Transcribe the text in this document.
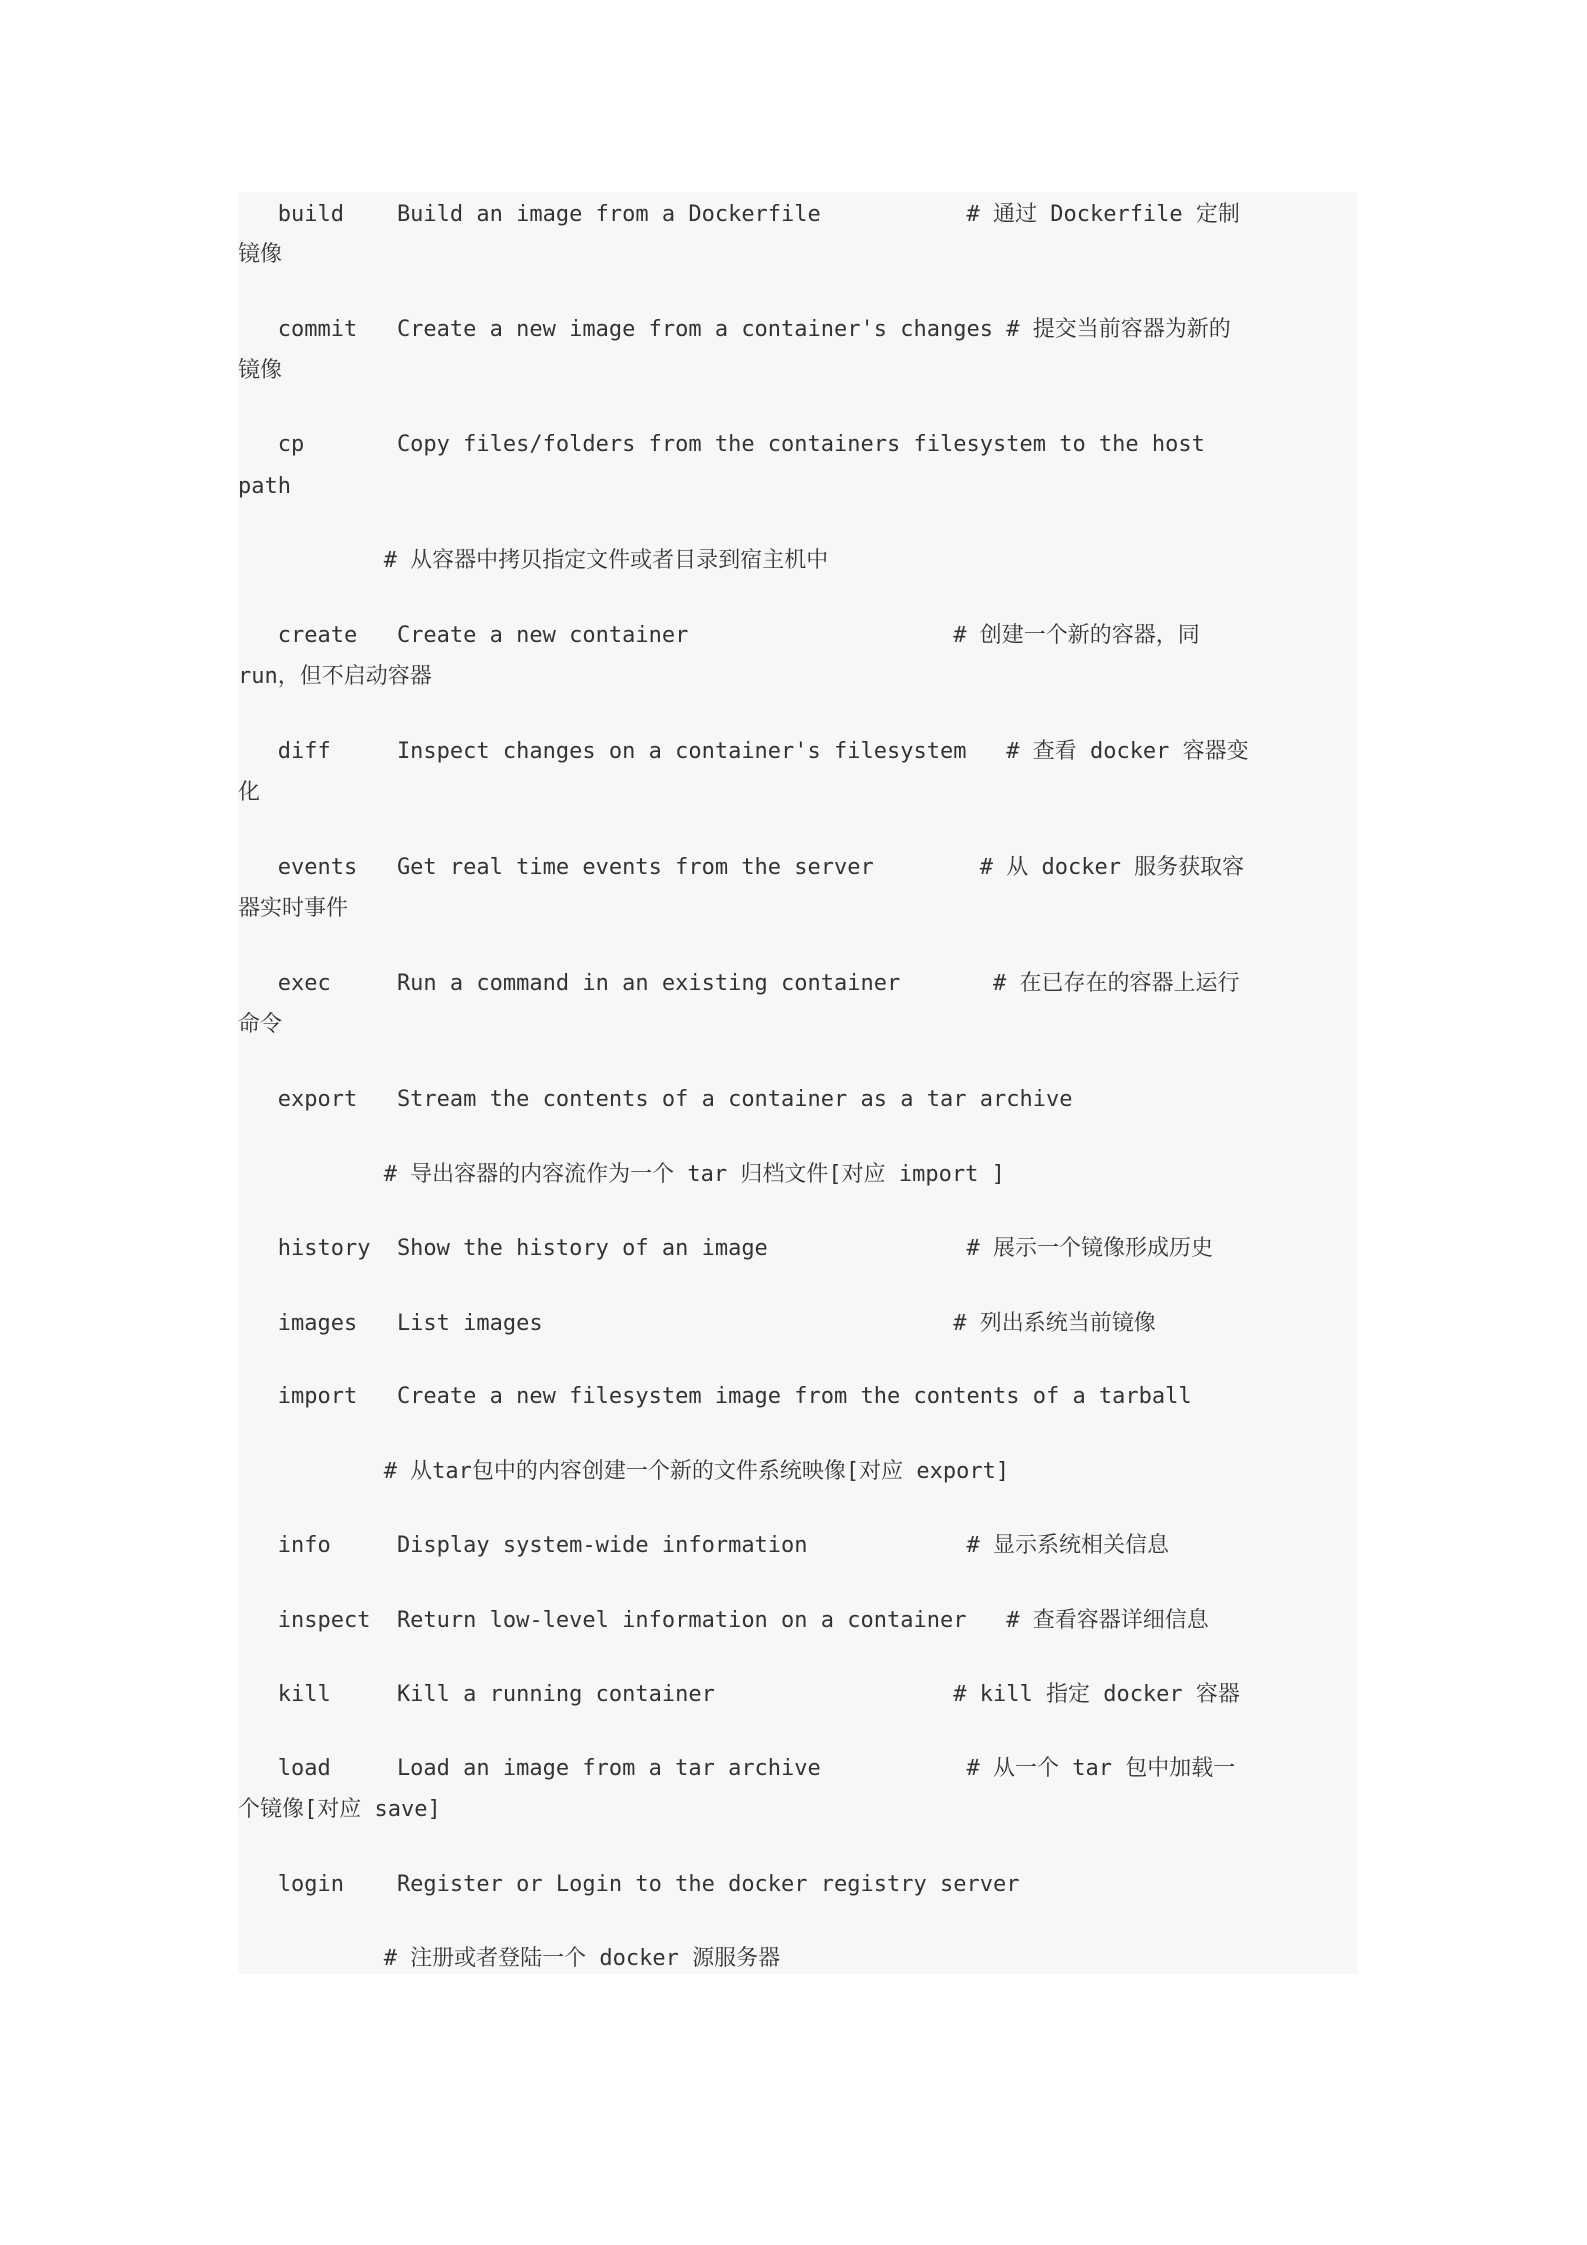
build    Build an image from a Dockerfile           # 通过 Dockerfile 定制
镜像
commit   Create a new image from a container's changes # 提交当前容器为新的
镜像
cp       Copy files/folders from the containers filesystem to the host
path
# 从容器中拷贝指定文件或者目录到宿主机中
create   Create a new container                    # 创建一个新的容器，同
run，但不启动容器
diff     Inspect changes on a container's filesystem   # 查看 docker 容器变
化
events   Get real time events from the server        # 从 docker 服务获取容
器实时事件
exec     Run a command in an existing container       # 在已存在的容器上运行
命令
export   Stream the contents of a container as a tar archive
# 导出容器的内容流作为一个 tar 归档文件[对应 import ]
history  Show the history of an image               # 展示一个镜像形成历史
images   List images                               # 列出系统当前镜像
import   Create a new filesystem image from the contents of a tarball
# 从tar包中的内容创建一个新的文件系统映像[对应 export]
info     Display system-wide information            # 显示系统相关信息
inspect  Return low-level information on a container   # 查看容器详细信息
kill     Kill a running container                  # kill 指定 docker 容器
load     Load an image from a tar archive           # 从一个 tar 包中加载一
个镜像[对应 save]
login    Register or Login to the docker registry server
# 注册或者登陆一个 docker 源服务器
